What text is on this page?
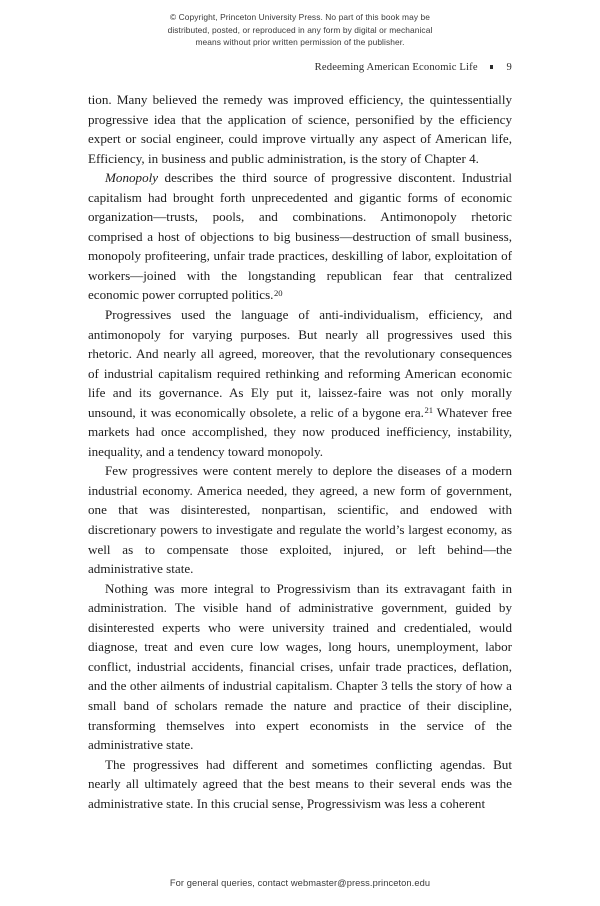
© Copyright, Princeton University Press. No part of this book may be
distributed, posted, or reproduced in any form by digital or mechanical
means without prior written permission of the publisher.
Redeeming American Economic Life	9

tion. Many believed the remedy was improved efficiency, the quintessentially progressive idea that the application of science, personified by the efficiency expert or social engineer, could improve virtually any aspect of American life, Efficiency, in business and public administration, is the story of Chapter 4.

Monopoly describes the third source of progressive discontent. Industrial capitalism had brought forth unprecedented and gigantic forms of economic organization—trusts, pools, and combinations. Antimonopoly rhetoric comprised a host of objections to big business—destruction of small business, monopoly profiteering, unfair trade practices, deskilling of labor, exploitation of workers—joined with the longstanding republican fear that centralized economic power corrupted politics.$^{20}$

Progressives used the language of anti-individualism, efficiency, and antimonopoly for varying purposes. But nearly all progressives used this rhetoric. And nearly all agreed, moreover, that the revolutionary consequences of industrial capitalism required rethinking and reforming American economic life and its governance. As Ely put it, laissez-faire was not only morally unsound, it was economically obsolete, a relic of a bygone era.$^{21}$ Whatever free markets had once accomplished, they now produced inefficiency, instability, inequality, and a tendency toward monopoly.

Few progressives were content merely to deplore the diseases of a modern industrial economy. America needed, they agreed, a new form of government, one that was disinterested, nonpartisan, scientific, and endowed with discretionary powers to investigate and regulate the world’s largest economy, as well as to compensate those exploited, injured, or left behind—the administrative state.

Nothing was more integral to Progressivism than its extravagant faith in administration. The visible hand of administrative government, guided by disinterested experts who were university trained and credentialed, would diagnose, treat and even cure low wages, long hours, unemployment, labor conflict, industrial accidents, financial crises, unfair trade practices, deflation, and the other ailments of industrial capitalism. Chapter 3 tells the story of how a small band of scholars remade the nature and practice of their discipline, transforming themselves into expert economists in the service of the administrative state.

The progressives had different and sometimes conflicting agendas. But nearly all ultimately agreed that the best means to their several ends was the administrative state. In this crucial sense, Progressivism was less a coherent

For general queries, contact webmaster@press.princeton.edu
